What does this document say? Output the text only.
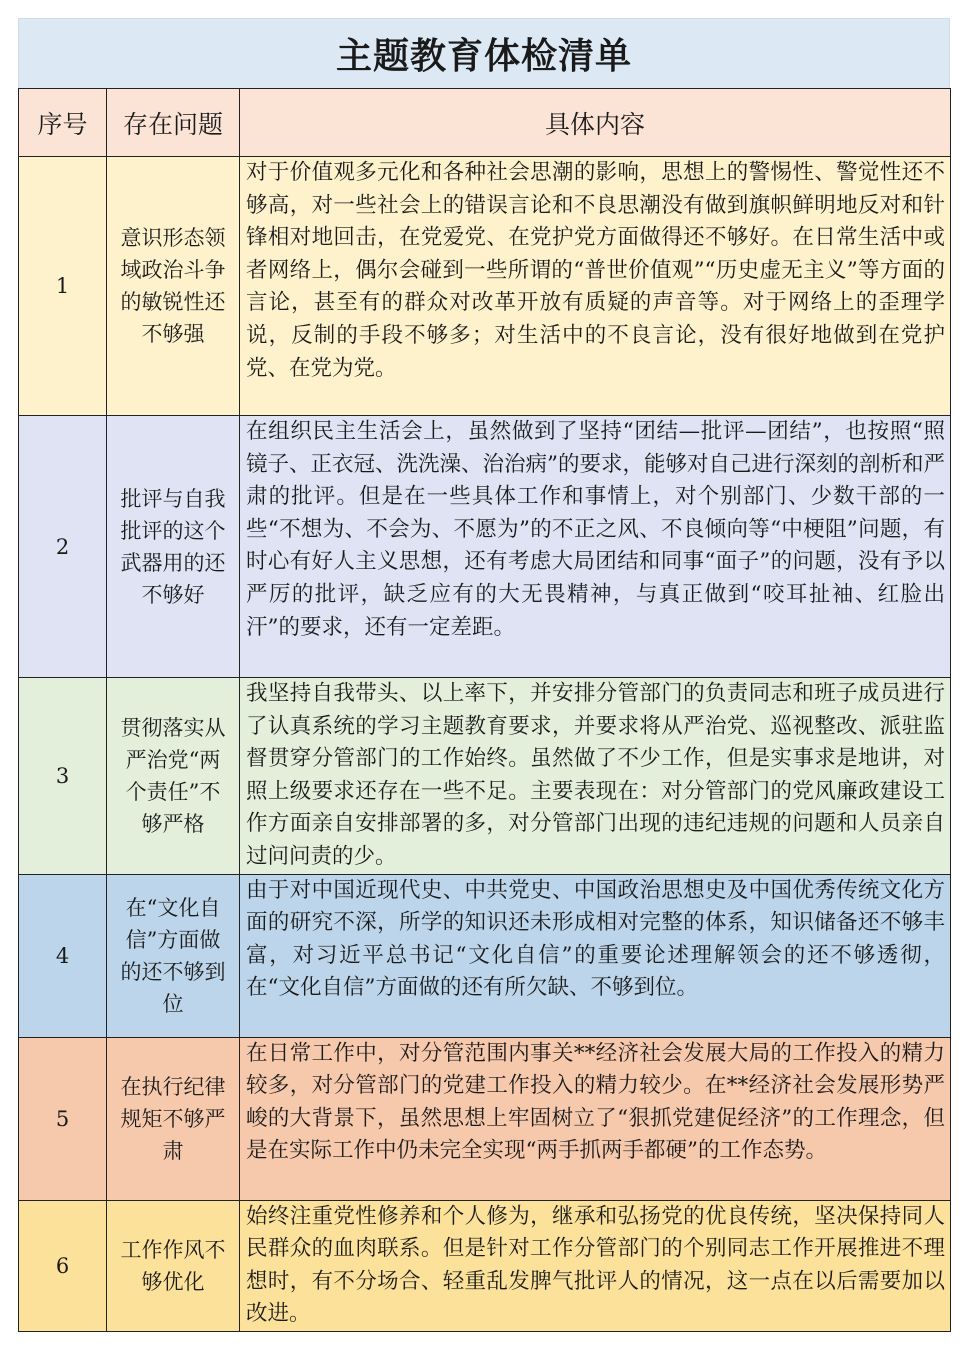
主题教育体检清单
序号	存在问题	具体内容
1	意识形态领域政治斗争的敏锐性还不够强	对于价值观多元化和各种社会思潮的影响，思想上的警惕性、警觉性还不够高，对一些社会上的错误言论和不良思潮没有做到旗帜鲜明地反对和针锋相对地回击，在党爱党、在党护党方面做得还不够好。在日常生活中或者网络上，偶尔会碰到一些所谓的“普世价值观”“历史虚无主义”等方面的言论，甚至有的群众对改革开放有质疑的声音等。对于网络上的歪理学说，反制的手段不够多；对生活中的不良言论，没有很好地做到在党护党、在党为党。
2	批评与自我批评的这个武器用的还不够好	在组织民主生活会上，虽然做到了坚持“团结—批评—团结”，也按照“照镜子、正衣冠、洗洗澡、治治病”的要求，能够对自己进行深刻的剖析和严肃的批评。但是在一些具体工作和事情上，对个别部门、少数干部的一些“不想为、不会为、不愿为”的不正之风、不良倾向等“中梗阻”问题，有时心有好人主义思想，还有考虑大局团结和同事“面子”的问题，没有予以严厉的批评，缺乏应有的大无畏精神，与真正做到“咬耳扯袖、红脸出汗”的要求，还有一定差距。
3	贯彻落实从严治党“两个责任”不够严格	我坚持自我带头、以上率下，并安排分管部门的负责同志和班子成员进行了认真系统的学习主题教育要求，并要求将从严治党、巡视整改、派驻监督贯穿分管部门的工作始终。虽然做了不少工作，但是实事求是地讲，对照上级要求还存在一些不足。主要表现在：对分管部门的党风廉政建设工作方面亲自安排部署的多，对分管部门出现的违纪违规的问题和人员亲自过问问责的少。
4	在“文化自信”方面做的还不够到位	由于对中国近现代史、中共党史、中国政治思想史及中国优秀传统文化方面的研究不深，所学的知识还未形成相对完整的体系，知识储备还不够丰富，对习近平总书记“文化自信”的重要论述理解领会的还不够透彻，在“文化自信”方面做的还有所欠缺、不够到位。
5	在执行纪律规矩不够严肃	在日常工作中，对分管范围内事关**经济社会发展大局的工作投入的精力较多，对分管部门的党建工作投入的精力较少。在**经济社会发展形势严峻的大背景下，虽然思想上牢固树立了“狠抓党建促经济”的工作理念，但是在实际工作中仍未完全实现“两手抓两手都硬”的工作态势。
6	工作作风不够优化	始终注重党性修养和个人修为，继承和弘扬党的优良传统，坚决保持同人民群众的血肉联系。但是针对工作分管部门的个别同志工作开展推进不理想时，有不分场合、轻重乱发脾气批评人的情况，这一点在以后需要加以改进。
